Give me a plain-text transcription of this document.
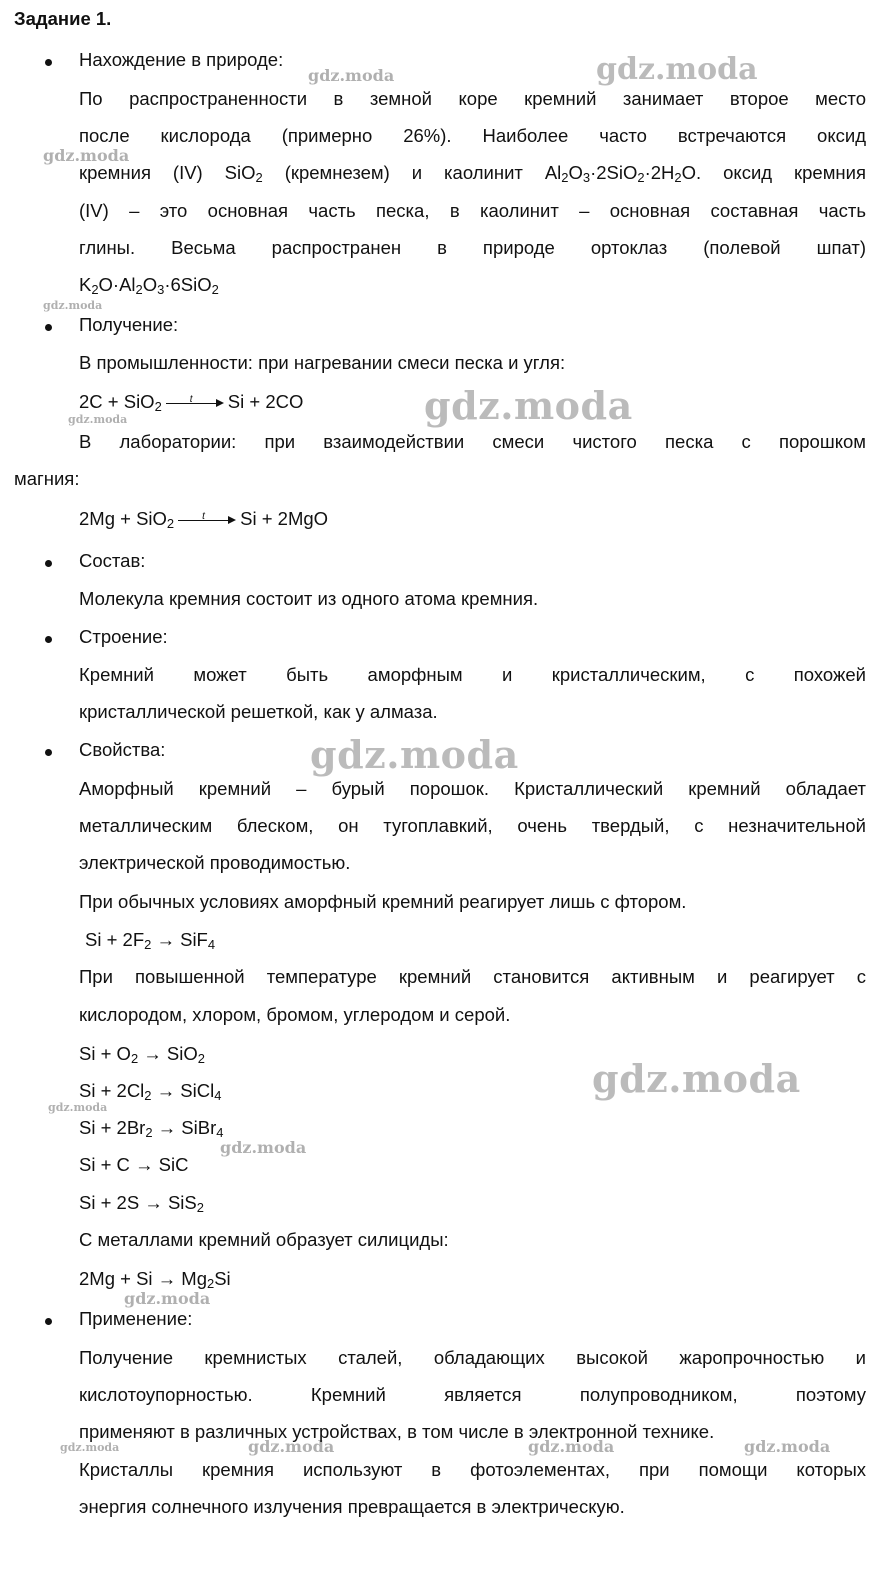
gdz.moda
gdz.moda
gdz.moda
gdz.moda
gdz.moda
gdz.moda
gdz.moda
gdz.moda
gdz.moda
gdz.moda
gdz.moda
gdz.moda	gdz.moda	gdz.moda	gdz.moda
Задание 1.
Нахождение в природе:
По распространенности в земной коре кремний занимает второе место
после кислорода (примерно 26%). Наиболее часто встречаются оксид
кремния (IV) SiO$_2$ (кремнезем) и каолинит $Al_2O_3\cdot 2SiO_2\cdot 2H_2O$. оксид кремния
(IV) – это основная часть песка, в каолинит – основная составная часть
глины. Весьма распространен в природе ортоклаз (полевой шпат)
$K_2O\cdot Al_2O_3\cdot 6SiO_2$
Получение:
В промышленности: при нагревании смеси песка и угля:
2C + SiO$_2$	t Si + 2CO
В лаборатории: при взаимодействии смеси чистого песка с порошком
магния:
2Mg + SiO$_2$	t Si + 2MgO
Состав:
Молекула кремния состоит из одного атома кремния.
Строение:
Кремний может быть аморфным и кристаллическим, с похожей
кристаллической решеткой, как у алмаза.
Свойства:
Аморфный кремний – бурый порошок. Кристаллический кремний обладает
металлическим блеском, он тугоплавкий, очень твердый, с незначительной
электрической проводимостью.
При обычных условиях аморфный кремний реагирует лишь с фтором.
$Si + 2F_2 \to SiF_4$
При повышенной температуре кремний становится активным и реагирует с
кислородом, хлором, бромом, углеродом и серой.
$Si + O_2 \to SiO_2$
$Si + 2Cl_2$ → SiCl$_4$
$Si + 2Br_2$ → SiBr$_4$
Si + C → SiC
Si + 2S → SiS$_2$
С металлами кремний образует силициды:
$2Mg + Si \to Mg_2Si$
Применение:
Получение кремнистых сталей, обладающих высокой жаропрочностью и
кислотоупорностью. Кремний является полупроводником, поэтому
применяют в различных устройствах, в том числе в электронной технике.
Кристаллы кремния используют в фотоэлементах, при помощи которых
энергия солнечного излучения превращается в электрическую.
